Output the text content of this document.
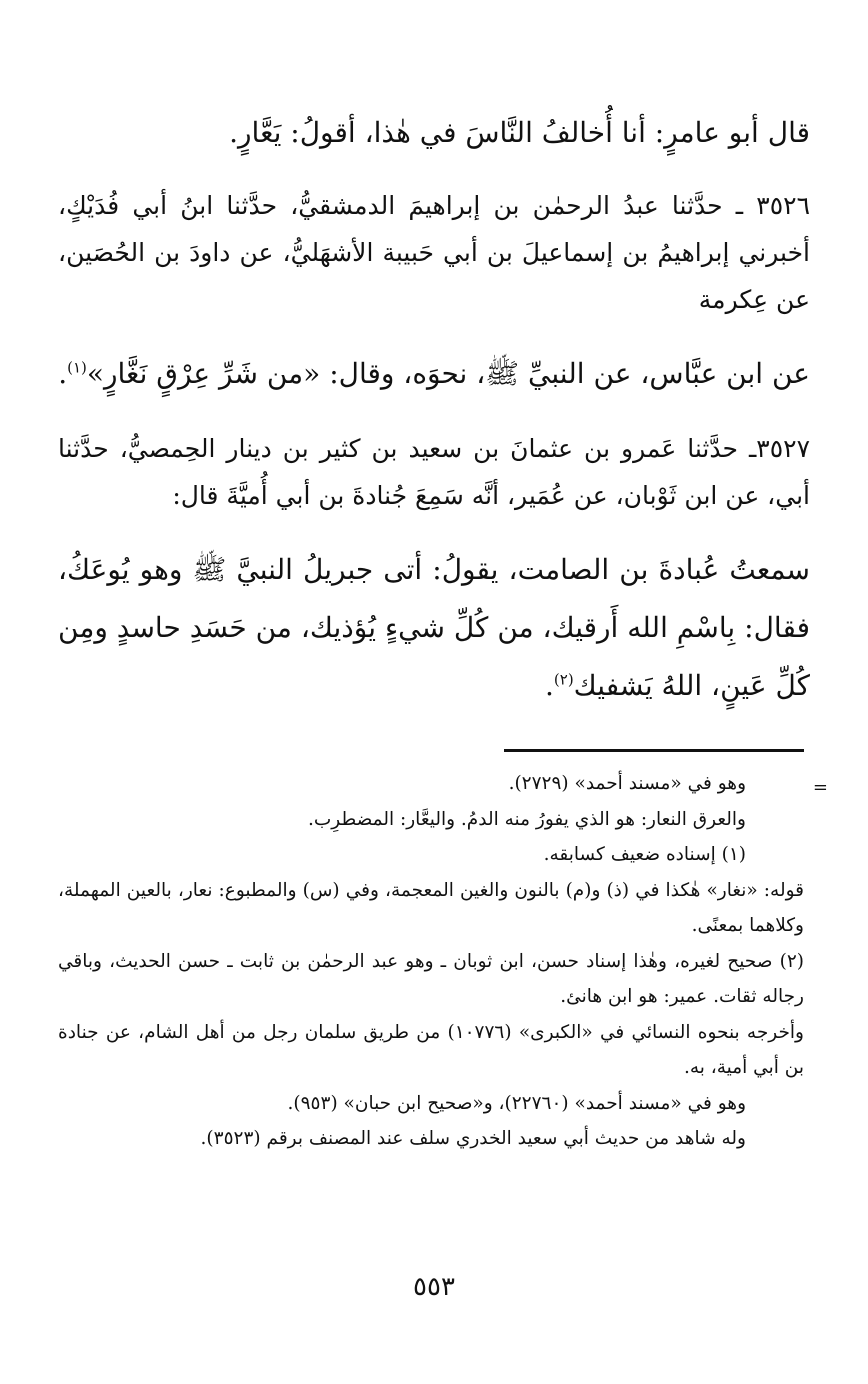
قال أبو عامرٍ: أنا أُخالفُ النَّاسَ في هٰذا، أقولُ: يَعَّارٍ.

٣٥٢٦ ـ حدَّثنا عبدُ الرحمٰن بن إبراهيمَ الدمشقيُّ، حدَّثنا ابنُ أبي فُدَيْكٍ، أخبرني إبراهيمُ بن إسماعيلَ بن أبي حَبيبة الأشهَليُّ، عن داودَ بن الحُصَين، عن عِكرمة

عن ابن عبَّاس، عن النبيِّ ﷺ، نحوَه، وقال: «من شَرِّ عِرْقٍ نَغَّارٍ»$^{(١)}$.

٣٥٢٧ـ حدَّثنا عَمرو بن عثمانَ بن سعيد بن كثير بن دينار الحِمصيُّ، حدَّثنا أبي، عن ابن ثَوْبان، عن عُمَير، أنَّه سَمِعَ جُنادةَ بن أبي أُميَّةَ قال:

سمعتُ عُبادةَ بن الصامت، يقولُ: أتى جبريلُ النبيَّ ﷺ وهو يُوعَكُ، فقال: بِاسْمِ الله أَرقيك، من كُلِّ شيءٍ يُؤذيك، من حَسَدِ حاسدٍ ومِن كُلِّ عَينٍ، اللهُ يَشفيك$^{(٢)}$.

=

وهو في «مسند أحمد» (٢٧٢٩).

والعرق النعار: هو الذي يفورُ منه الدمُ. واليعَّار: المضطرِب.

(١) إسناده ضعيف كسابقه.

قوله: «نغار» هٰكذا في (ذ) و(م) بالنون والغين المعجمة، وفي (س) والمطبوع: نعار، بالعين المهملة، وكلاهما بمعنًى.

(٢) صحيح لغيره، وهٰذا إسناد حسن، ابن ثوبان ـ وهو عبد الرحمٰن بن ثابت ـ حسن الحديث، وباقي رجاله ثقات. عمير: هو ابن هانئ.

وأخرجه بنحوه النسائي في «الكبرى» (١٠٧٧٦) من طريق سلمان رجل من أهل الشام، عن جنادة بن أبي أمية، به.

وهو في «مسند أحمد» (٢٢٧٦٠)، و«صحيح ابن حبان» (٩٥٣).

وله شاهد من حديث أبي سعيد الخدري سلف عند المصنف برقم (٣٥٢٣).

٥٥٣
